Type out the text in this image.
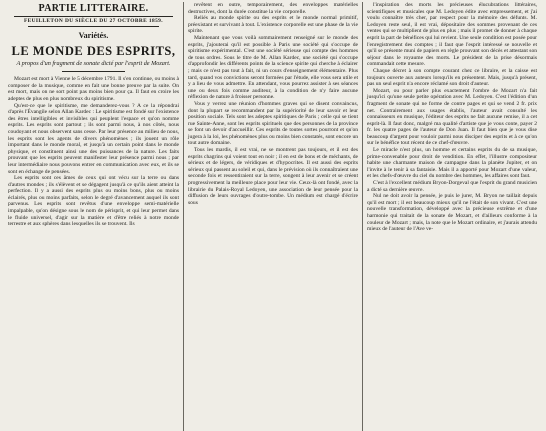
PARTIE LITTERAIRE.
FEUILLETON DU SIÈCLE DU 27 OCTOBRE 1859.
Variétés.
LE MONDE DES ESPRITS,
A propos d'un fragment de sonate dicté par l'esprit de Mozart.

Mozart est mort à Vienne le 5 décembre 1791. Il s'en continue, ou moins à composer de la musique, comme en fait une bonne preuve par la suite. On est mort, mais on ne sort point pas moins bien pour ça. Il faut en croire les adeptes de plus en plus nombreux du spiritisme.

Qu'est-ce que le spiritisme, me demanderez-vous ? A ce la répondrai d'après l'Évangile selon Allan Kardec : Le spiritisme est fondé sur l'existence des êtres intelligibles et invisibles qui peuplent l'espace et qu'on nomme esprits. Les esprits sont partout ; ils sont parmi nous, à nos côtés, nous coudoyant et nous observent sans cesse. Par leur présence au milieu de nous, les esprits sont les agents de divers phénomènes ; ils jouent un rôle important dans le monde moral, et jusqu'à un certain point dans le monde physique, et constituent ainsi une des puissances de la nature. Les faits prouvant que les esprits peuvent manifester leur présence parmi nous ; par leur intermédiaire nous pouvons entrer en communication avec eux, et ils se sont en échange de pensées.

Les esprits sont ces âmes de ceux qui ont vécu sur la terre ou dans d'autres mondes ; ils s'élèvent et se dégagent jusqu'à ce qu'ils aient atteint la perfection. Il y a aussi des esprits plus ou moins bons, plus ou moins éclairés, plus ou moins parfaits, selon le degré d'avancement auquel ils sont parvenus. Les esprits sont revêtus d'une enveloppe semi-matérielle impalpable, qu'on désigne sous le nom de périsprit, et qui leur permet dans le fluide universel, d'agir sur la matière et d'être reliés à notre monde terrestre et aux sphères dans lesquelles ils se trouvent. Ils

revêtent en outre, temporairement, des enveloppes matérielles destructives, dont la durée constitue la vie corporelle.

Reliés au monde spirite ou des esprits et le monde normal primitif, préexistant et survivant à tout. L'existence corporelle est une phase de la vie spirite.

Maintenant que vous voilà sommairement renseigné sur le monde des esprits, j'ajouterai qu'il est possible à Paris une société qui s'occupe de spiritisme expérimental. C'est une société sérieuse qui compte des hommes de tous ordres. Sous le titre de M. Allan Kardec, une société qui s'occupe d'approfondir les différents points de la science spirite qui cherche à éclairer ; mais ce n'est pas tout à fait, ni un cours d'enseignement élémentaire. Plus tard, quand vos convictions seront formées par l'étude, elle vous sera utile et y a lieu de vous admettre. En attendant, vous pourrez assister à ses séances une ou deux fois comme auditeur, à la condition de n'y faire aucune réflexion de nature à froisser personne.

Vous y verrez une réunion d'hommes graves qui se disent convaincus, dont la plupart se recommandent par la supériorité de leur savoir et leur position sociale. Tels sont les adeptes spiritiques de Paris ; celle qui se tient rue Sainte-Anne, sont les esprits spirituels que des personnes de la province se font un devoir d'accueillir. Ces esprits de toutes sortes pourront et qu'on jugera à la loi, les phénomènes plus ou moins bien constatés, sont encore un tout autre domaine.

Tous les mardis, il est vrai, ne se montrent pas toujours, et il est des esprits chagrins qui voient tout en noir ; il en est de bons et de méchants, de sérieux et de légers, de véridiques et d'hypocrites. Il est aussi des esprits sérieux qui passent au soleil et qui, dans le prévision où ils connaîtraient une seconde fois et ressentiraient sur la terre, songent à leur avenir et se créent progressivement la meilleure place pour leur vie. Ceux-là ont fondé, avec la librairie du Palais-Royal Ledoyen, une association de leur pensée pour la diffusion de leurs ouvrages d'outre-tombe. Un médium est chargé d'écrire sous

l'inspiration des morts les précieuses élucubrations littéraires, scientifiques et musicales que M. Ledoyen édite avec empressement, et j'ai voulu connaître très cher, par respect pour la mémoire des défunts. M. Ledoyen reste seul, il est vrai, dépositaire des sommes provenant de ces ventes qui se multiplient de plus en plus ; mais il promet de donner à chaque esprit la part de bénéfices qui lui revient. Une seule condition est posée pour l'enregistrement des comptes ; il faut que l'esprit intéressé se nouvelle et qu'il se présente muni de papiers en règle prouvant son décès et attestant son séjour dans le royaume des morts. Le président de la prise désormais commandait cette mesure.

Chaque décret à son compte courant chez ce libraire, et la caisse est toujours ouverte aux auteurs lorsqu'ils en présentent. Mais, jusqu'à présent, pas un seul esprit n'a encore réclamé son droit d'auteur.

Mozart, ou pour parler plus exactement l'ombre de Mozart n'a fait jusqu'ici qu'une seule petite opération avec M. Ledoyen. C'est l'édition d'un fragment de sonate qui ne forme de contre pages et qui se vend 2 fr. prix net. Contrairement aux usages établis, l'auteur avait consulté les connaisseurs en musique, l'éditeur des esprits ne fait aucune remise, il a cet esprit-là. Il faut donc, malgré ma qualité d'artiste que je vous conte, payer 2 fr. les quatre pages de l'auteur de Don Juan. Il faut bien que je vous dise beaucoup d'argent pour vouloir parmi nous disciper des esprits et à ce qu'on sur le bénéfice tout récent de ce chef-d'œuvre.

Le miracle n'est plus, un homme et certains esprits du de sa musique, prime-convenable pour droit de vendition. En effet, l'illustre compositeur habite une charmante maison de campagne dans la planète Jupiter, et on l'invite à le tenir à sa fantaisie. Mais il a apporté pour Mozart d'une valeur, et les chefs-d'œuvre du ciel du nombre des hommes, les affaires sont faut.

C'est à l'excellent médium Bryon-Dorgeval que l'esprit du grand musicien a dicté sa dernière œuvre.

Nul ne doit avoir la pensée, je puis le jurer, M. Bryon ne taillait depuis qu'il est mort ; il est beaucoup mieux qu'il ne l'était de son vivant. C'est une nouvelle transformation, développé avec la précieuse extrême et d'une harmonie qui traitait de la sonate de Mozart, et d'ailleurs conforme à la couleur de Mozart ; mais, la note que le Mozart ordinaire, et j'aurais attendu mieux de l'auteur de l'Ave ve-
